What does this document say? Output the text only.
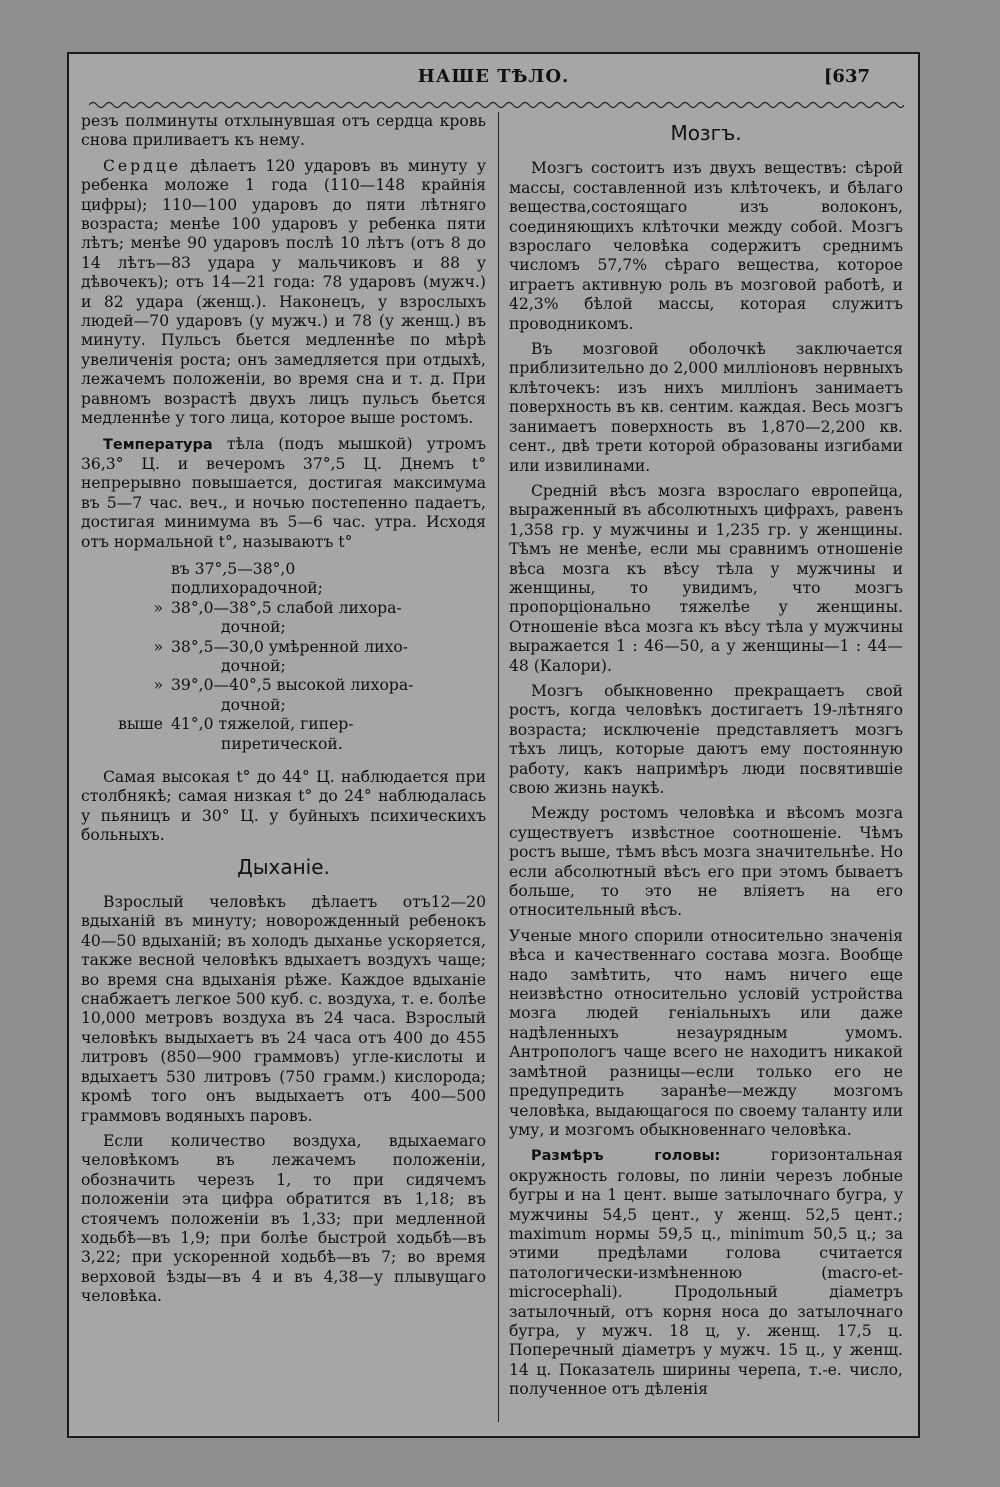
НАШЕ ТѢЛО.	[637

резъ полминуты отхлынувшая отъ сердца кровь снова приливаетъ къ нему.

Сердце дѣлаетъ 120 ударовъ въ минуту у ребенка моложе 1 года (110—148 крайнія цифры); 110—100 ударовъ до пяти лѣтняго возраста; менѣе 100 ударовъ у ребенка пяти лѣтъ; менѣе 90 ударовъ послѣ 10 лѣтъ (отъ 8 до 14 лѣтъ—83 удара у мальчиковъ и 88 у дѣвочекъ); отъ 14—21 года: 78 ударовъ (мужч.) и 82 удара (женщ.). Наконецъ, у взрослыхъ людей—70 ударовъ (у мужч.) и 78 (у женщ.) въ минуту. Пульсъ бьется медленнѣе по мѣрѣ увеличенія роста; онъ замедляется при отдыхѣ, лежачемъ положеніи, во время сна и т. д. При равномъ возрастѣ двухъ лицъ пульсъ бьется медленнѣе у того лица, которое выше ростомъ.

Температура тѣла (подъ мышкой) утромъ 36,3° Ц. и вечеромъ 37°,5 Ц. Днемъ t° непрерывно повышается, достигая максимума въ 5—7 час. веч., и ночью постепенно падаетъ, достигая минимума въ 5—6 час. утра. Исходя отъ нормальной t°, называютъ t°

въ 37°,5—38°,0 подлихорадочной;
» 38°,0—38°,5 слабой лихора-
дочной;
» 38°,5—30,0 умѣренной лихо-
дочной;
» 39°,0—40°,5 высокой лихора-
дочной;
выше 41°,0 тяжелой, гипер-
пиретической.

Самая высокая t° до 44° Ц. наблюдается при столбнякѣ; самая низкая t° до 24° наблюдалась у пьяницъ и 30° Ц. у буйныхъ психическихъ больныхъ.

Дыханіе.

Взрослый человѣкъ дѣлаетъ отъ12—20 вдыханій въ минуту; новорожденный ребенокъ 40—50 вдыханій; въ холодъ дыханье ускоряется, также весной человѣкъ вдыхаетъ воздухъ чаще; во время сна вдыханія рѣже. Каждое вдыханіе снабжаетъ легкое 500 куб. с. воздуха, т. е. болѣе 10,000 метровъ воздуха въ 24 часа. Взрослый человѣкъ выдыхаетъ въ 24 часа отъ 400 до 455 литровъ (850—900 граммовъ) угле-кислоты и вдыхаетъ 530 литровъ (750 грамм.) кислорода; кромѣ того онъ выдыхаетъ отъ 400—500 граммовъ водяныхъ паровъ.

Если количество воздуха, вдыхаемаго человѣкомъ въ лежачемъ положеніи, обозначить черезъ 1, то при сидячемъ положеніи эта цифра обратится въ 1,18; въ стоячемъ положеніи въ 1,33; при медленной ходьбѣ—въ 1,9; при болѣе быстрой ходьбѣ—въ 3,22; при ускоренной ходьбѣ—въ 7; во время верховой ѣзды—въ 4 и въ 4,38—у плывущаго человѣка.

Мозгъ.

Мозгъ состоитъ изъ двухъ веществъ: сѣрой массы, составленной изъ клѣточекъ, и бѣлаго вещества,состоящаго изъ волоконъ, соединяющихъ клѣточки между собой. Мозгъ взрослаго человѣка содержитъ среднимъ числомъ 57,7% сѣраго вещества, которое играетъ активную роль въ мозговой работѣ, и 42,3% бѣлой массы, которая служитъ проводникомъ.

Въ мозговой оболочкѣ заключается приблизительно до 2,000 милліоновъ нервныхъ клѣточекъ: изъ нихъ милліонъ занимаетъ поверхность въ кв. сентим. каждая. Весь мозгъ занимаетъ поверхность въ 1,870—2,200 кв. сент., двѣ трети которой образованы изгибами или извилинами.

Средній вѣсъ мозга взрослаго европейца, выраженный въ абсолютныхъ цифрахъ, равенъ 1,358 гр. у мужчины и 1,235 гр. у женщины. Тѣмъ не менѣе, если мы сравнимъ отношеніе вѣса мозга къ вѣсу тѣла у мужчины и женщины, то увидимъ, что мозгъ пропорціонально тяжелѣе у женщины. Отношеніе вѣса мозга къ вѣсу тѣла у мужчины выражается 1 : 46—50, а у женщины—1 : 44—48 (Калори).

Мозгъ обыкновенно прекращаетъ свой ростъ, когда человѣкъ достигаетъ 19-лѣтняго возраста; исключеніе представляетъ мозгъ тѣхъ лицъ, которые даютъ ему постоянную работу, какъ напримѣръ люди посвятившіе свою жизнь наукѣ.

Между ростомъ человѣка и вѣсомъ мозга существуетъ извѣстное соотношеніе. Чѣмъ ростъ выше, тѣмъ вѣсъ мозга значительнѣе. Но если абсолютный вѣсъ его при этомъ бываетъ больше, то это не вліяетъ на его относительный вѣсъ.

Ученые много спорили относительно значенія вѣса и качественнаго состава мозга. Вообще надо замѣтить, что намъ ничего еще неизвѣстно относительно условій устройства мозга людей геніальныхъ или даже надѣленныхъ незаурядным умомъ. Антропологъ чаще всего не находитъ никакой замѣтной разницы—если только его не предупредить заранѣе—между мозгомъ человѣка, выдающагося по своему таланту или уму, и мозгомъ обыкновеннаго человѣка.

Размѣръ головы: горизонтальная окружность головы, по линіи черезъ лобные бугры и на 1 цент. выше затылочнаго бугра, у мужчины 54,5 цент., у женщ. 52,5 цент.; maximum нормы 59,5 ц., minimum 50,5 ц.; за этими предѣлами голова считается патологически-измѣненною (macro-et-microcephali). Продольный діаметръ затылочный, отъ корня носа до затылочнаго бугра, у мужч. 18 ц, у. женщ. 17,5 ц. Поперечный діаметръ у мужч. 15 ц., у женщ. 14 ц. Показатель ширины черепа, т.-е. число, полученное отъ дѣленія
